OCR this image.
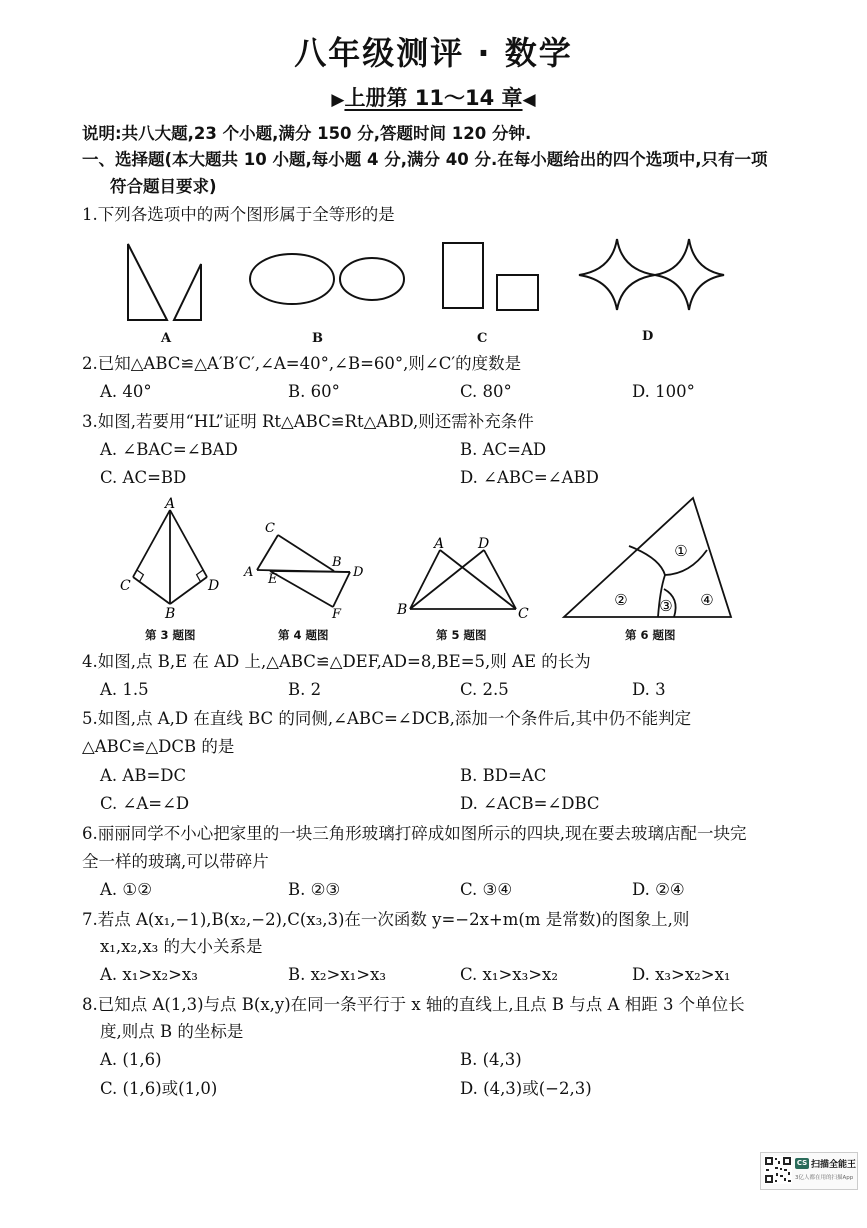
八年级测评 · 数学
▶上册第 11～14 章◀
说明:共八大题,23 个小题,满分 150 分,答题时间 120 分钟.
一、选择题(本大题共 10 小题,每小题 4 分,满分 40 分.在每小题给出的四个选项中,只有一项
符合题目要求)
1.下列各选项中的两个图形属于全等形的是
A	B	C	D
2.已知△ABC≌△A′B′C′,∠A=40°,∠B=60°,则∠C′的度数是
A. 40°	B. 60°	C. 80°	D. 100°
3.如图,若要用“HL”证明 Rt△ABC≌Rt△ABD,则还需补充条件
A. ∠BAC=∠BAD	B. AC=AD
C. AC=BD	D. ∠ABC=∠ABD
A
B
C	D
A
B
C
D
E
F
A
B	C
D	①
② ③ ④
第 3 题图	第 4 题图	第 5 题图	第 6 题图
4.如图,点 B,E 在 AD 上,△ABC≌△DEF,AD=8,BE=5,则 AE 的长为
A. 1.5	B. 2	C. 2.5	D. 3
5.如图,点 A,D 在直线 BC 的同侧,∠ABC=∠DCB,添加一个条件后,其中仍不能判定
△ABC≌△DCB 的是
A. AB=DC	B. BD=AC
C. ∠A=∠D	D. ∠ACB=∠DBC
6.丽丽同学不小心把家里的一块三角形玻璃打碎成如图所示的四块,现在要去玻璃店配一块完
全一样的玻璃,可以带碎片
A. ①②	B. ②③	C. ③④	D. ②④
7.若点 A(x₁,−1),B(x₂,−2),C(x₃,3)在一次函数 y=−2x+m(m 是常数)的图象上,则
x₁,x₂,x₃ 的大小关系是
A. x₁>x₂>x₃	B. x₂>x₁>x₃	C. x₁>x₃>x₂	D. x₃>x₂>x₁
8.已知点 A(1,3)与点 B(x,y)在同一条平行于 x 轴的直线上,且点 B 与点 A 相距 3 个单位长
度,则点 B 的坐标是
A. (1,6)	B. (4,3)
C. (1,6)或(1,0)	D. (4,3)或(−2,3)
CS 扫描全能王
3亿人都在用的扫描App
